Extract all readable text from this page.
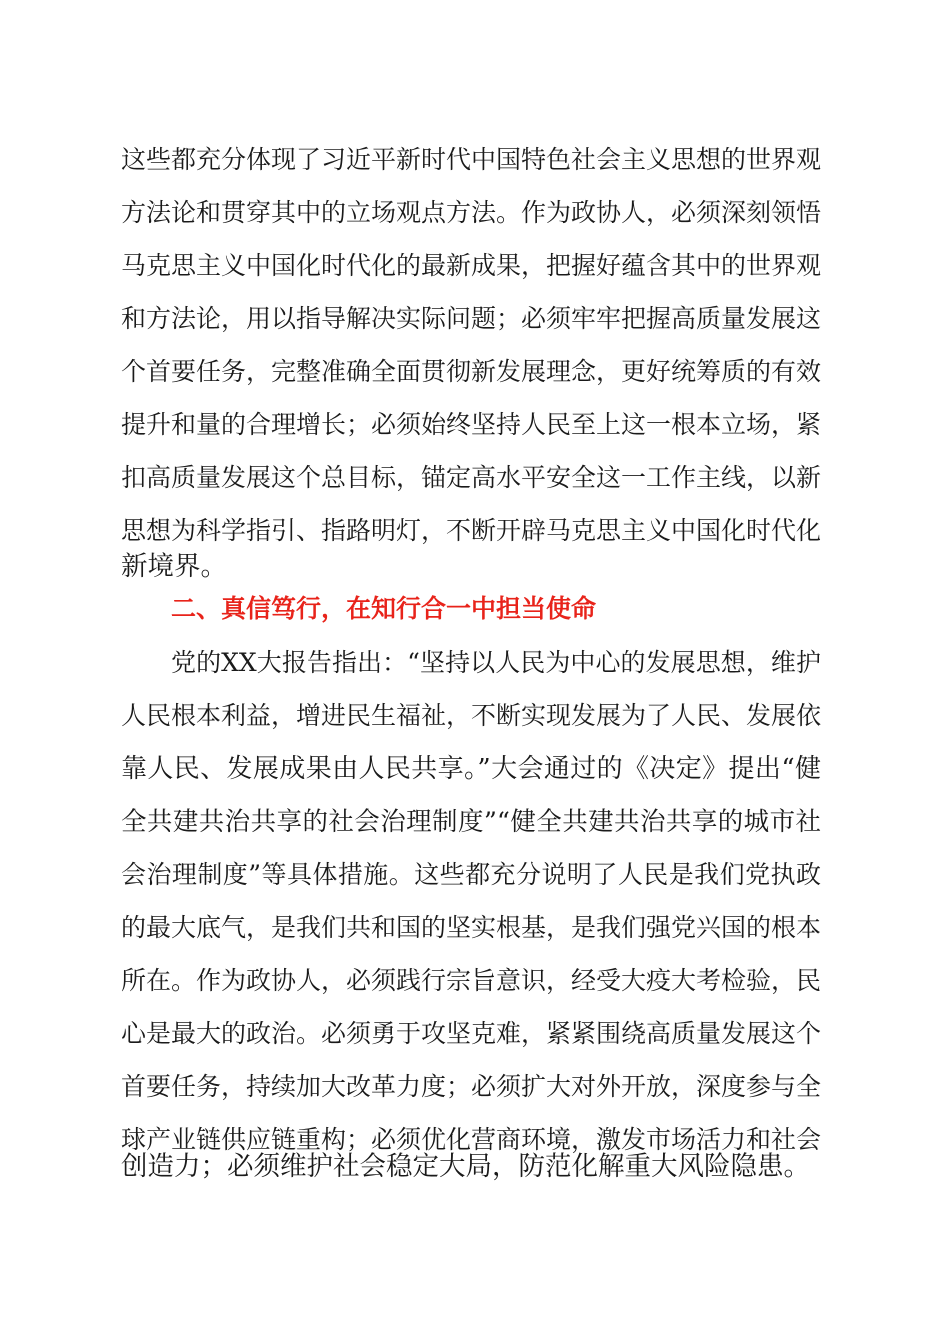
这些都充分体现了习近平新时代中国特色社会主义思想的世界观
方法论和贯穿其中的立场观点方法。作为政协人，必须深刻领悟
马克思主义中国化时代化的最新成果，把握好蕴含其中的世界观
和方法论，用以指导解决实际问题；必须牢牢把握高质量发展这
个首要任务，完整准确全面贯彻新发展理念，更好统筹质的有效
提升和量的合理增长；必须始终坚持人民至上这一根本立场，紧
扣高质量发展这个总目标，锚定高水平安全这一工作主线，以新
思想为科学指引、指路明灯，不断开辟马克思主义中国化时代化
新境界。
二、真信笃行，在知行合一中担当使命
党的XX大报告指出：“坚持以人民为中心的发展思想，维护
人民根本利益，增进民生福祉，不断实现发展为了人民、发展依
靠人民、发展成果由人民共享。”大会通过的《决定》提出“健
全共建共治共享的社会治理制度”“健全共建共治共享的城市社
会治理制度”等具体措施。这些都充分说明了人民是我们党执政
的最大底气，是我们共和国的坚实根基，是我们强党兴国的根本
所在。作为政协人，必须践行宗旨意识，经受大疫大考检验，民
心是最大的政治。必须勇于攻坚克难，紧紧围绕高质量发展这个
首要任务，持续加大改革力度；必须扩大对外开放，深度参与全
球产业链供应链重构；必须优化营商环境，激发市场活力和社会
创造力；必须维护社会稳定大局，防范化解重大风险隐患。
